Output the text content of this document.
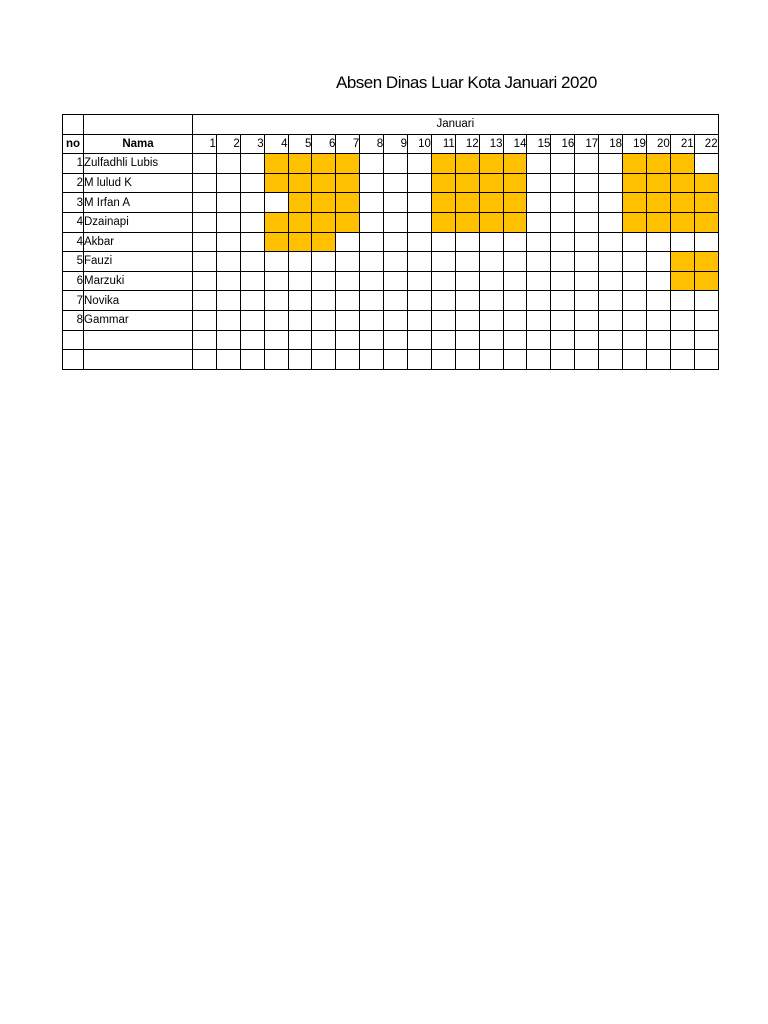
Absen Dinas Luar Kota Januari 2020
		Januari																					
no	Nama	1	2	3	4	5	6	7	8	9	10	11	12	13	14	15	16	17	18	19	20	21	22
1	Zulfadhli Lubis																						
2	M lulud K																						
3	M Irfan A																						
4	Dzainapi																						
4	Akbar																						
5	Fauzi																						
6	Marzuki																						
7	Novika																						
8	Gammar																						
